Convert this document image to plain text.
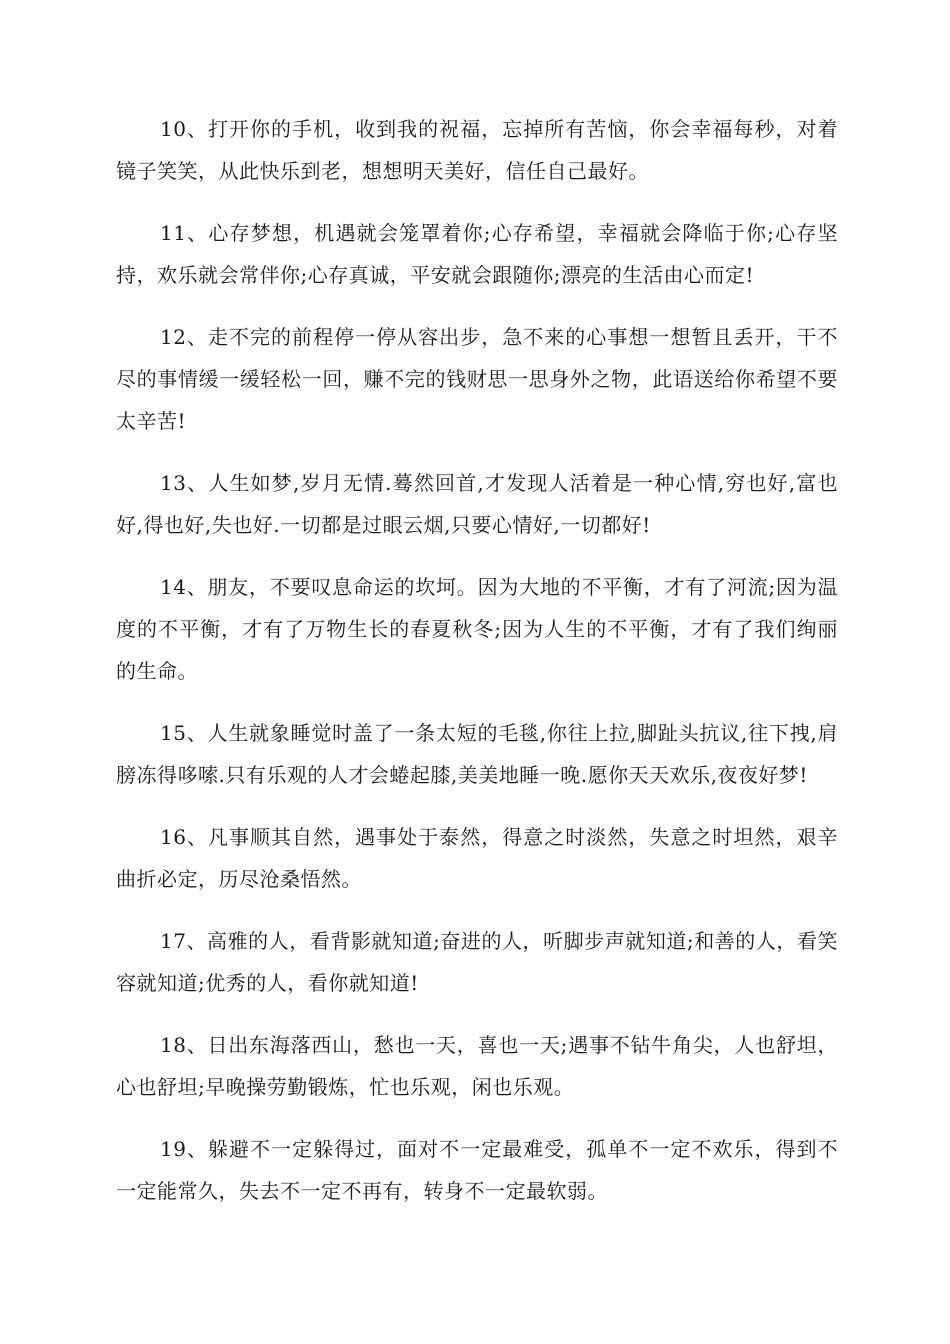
10、打开你的手机，收到我的祝福，忘掉所有苦恼，你会幸福每秒，对着镜子笑笑，从此快乐到老，想想明天美好，信任自己最好。

11、心存梦想，机遇就会笼罩着你;心存希望，幸福就会降临于你;心存坚持，欢乐就会常伴你;心存真诚，平安就会跟随你;漂亮的生活由心而定!

12、走不完的前程停一停从容出步，急不来的心事想一想暂且丢开，干不尽的事情缓一缓轻松一回，赚不完的钱财思一思身外之物，此语送给你希望不要太辛苦!

13、人生如梦,岁月无情.蓦然回首,才发现人活着是一种心情,穷也好,富也好,得也好,失也好.一切都是过眼云烟,只要心情好,一切都好!

14、朋友，不要叹息命运的坎坷。因为大地的不平衡，才有了河流;因为温度的不平衡，才有了万物生长的春夏秋冬;因为人生的不平衡，才有了我们绚丽的生命。

15、人生就象睡觉时盖了一条太短的毛毯,你往上拉,脚趾头抗议,往下拽,肩膀冻得哆嗦.只有乐观的人才会蜷起膝,美美地睡一晚.愿你天天欢乐,夜夜好梦!

16、凡事顺其自然，遇事处于泰然，得意之时淡然，失意之时坦然，艰辛曲折必定，历尽沧桑悟然。

17、高雅的人，看背影就知道;奋进的人，听脚步声就知道;和善的人，看笑容就知道;优秀的人，看你就知道!

18、日出东海落西山，愁也一天，喜也一天;遇事不钻牛角尖，人也舒坦，心也舒坦;早晚操劳勤锻炼，忙也乐观，闲也乐观。

19、躲避不一定躲得过，面对不一定最难受，孤单不一定不欢乐，得到不一定能常久，失去不一定不再有，转身不一定最软弱。
